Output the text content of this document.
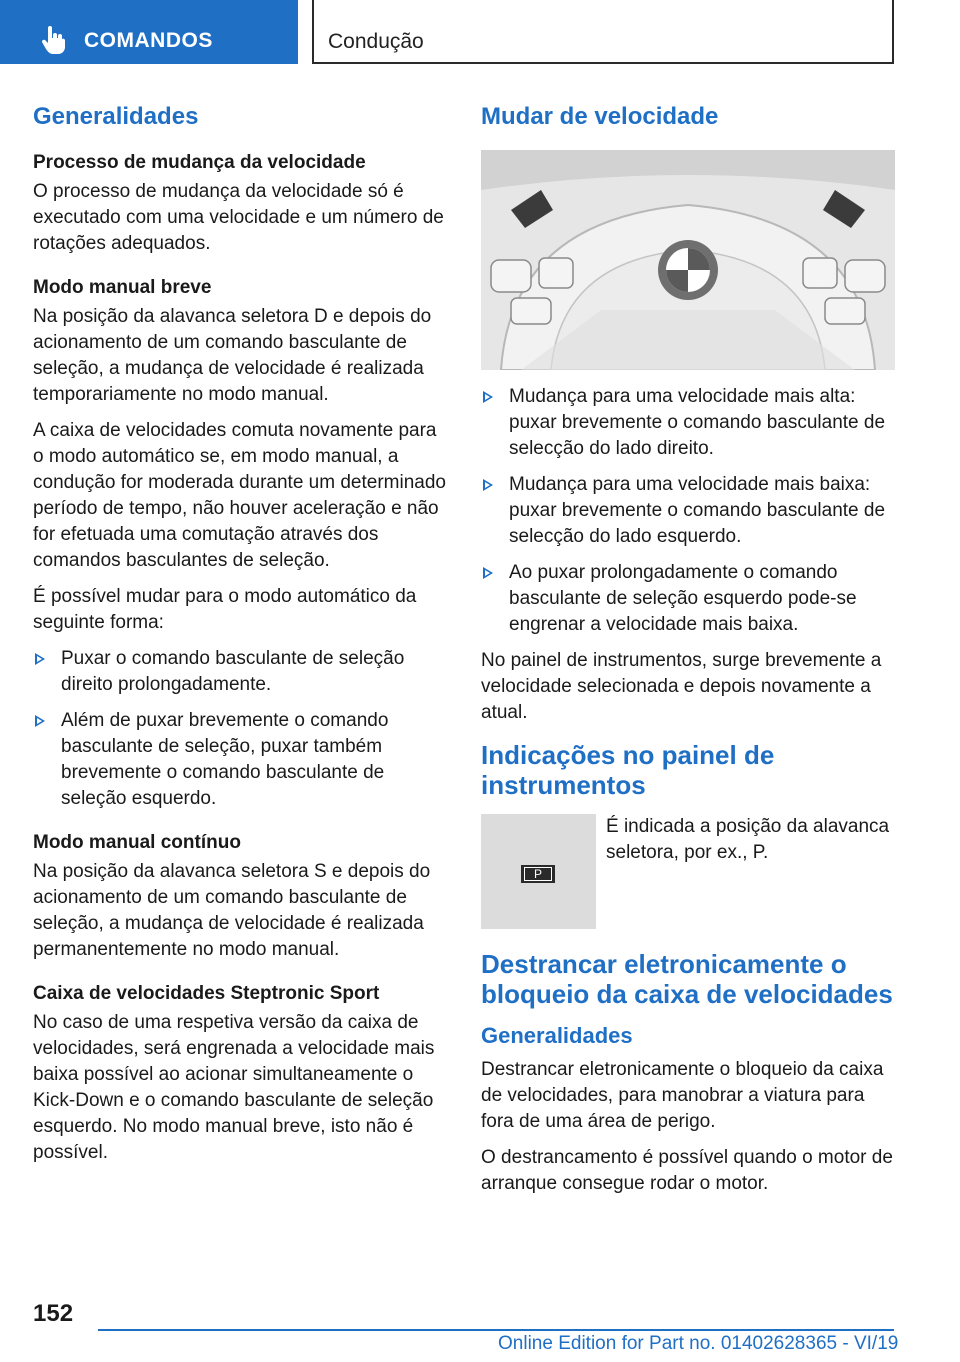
COMANDOS	Condução
Generalidades
Processo de mudança da velocidade

O processo de mudança da velocidade só é executado com uma velocidade e um número de rotações adequados.

Modo manual breve

Na posição da alavanca seletora D e depois do acionamento de um comando basculante de seleção, a mudança de velocidade é realizada temporariamente no modo manual.

A caixa de velocidades comuta novamente para o modo automático se, em modo manual, a condução for moderada durante um determinado período de tempo, não houver aceleração e não for efetuada uma comutação através dos comandos basculantes de seleção.

É possível mudar para o modo automático da seguinte forma:

Puxar o comando basculante de seleção direito prolongadamente.
Além de puxar brevemente o comando basculante de seleção, puxar também brevemente o comando basculante de seleção esquerdo.
Modo manual contínuo

Na posição da alavanca seletora S e depois do acionamento de um comando basculante de seleção, a mudança de velocidade é realizada permanentemente no modo manual.

Caixa de velocidades Steptronic Sport

No caso de uma respetiva versão da caixa de velocidades, será engrenada a velocidade mais baixa possível ao acionar simultaneamente o Kick-Down e o comando basculante de seleção esquerdo. No modo manual breve, isto não é possível.

Mudar de velocidade
Mudança para uma velocidade mais alta: puxar brevemente o comando basculante de selecção do lado direito.
Mudança para uma velocidade mais baixa: puxar brevemente o comando basculante de selecção do lado esquerdo.
Ao puxar prolongadamente o comando basculante de seleção esquerdo pode-se engrenar a velocidade mais baixa.

No painel de instrumentos, surge brevemente a velocidade selecionada e depois novamente a atual.

Indicações no painel de instrumentos
P

É indicada a posição da alavanca seletora, por ex., P.

Destrancar eletronicamente o bloqueio da caixa de velocidades
Generalidades

Destrancar eletronicamente o bloqueio da caixa de velocidades, para manobrar a viatura para fora de uma área de perigo.

O destrancamento é possível quando o motor de arranque consegue rodar o motor.

152
Online Edition for Part no. 01402628365 - VI/19
